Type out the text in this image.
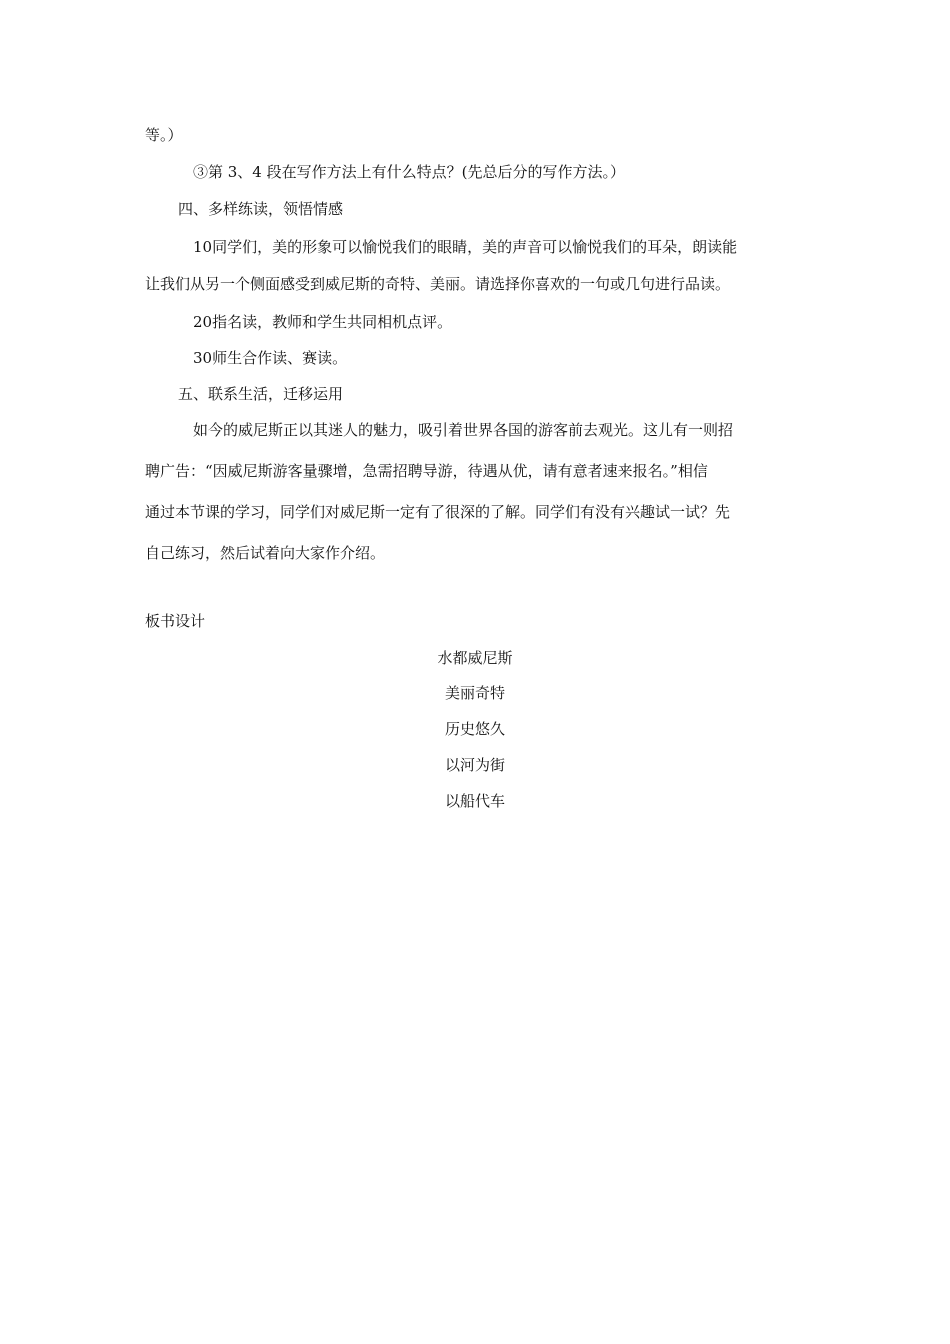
等。）
③第 3、4 段在写作方法上有什么特点？(先总后分的写作方法。）
四、多样练读，领悟情感
10同学们，美的形象可以愉悦我们的眼睛，美的声音可以愉悦我们的耳朵，朗读能
让我们从另一个侧面感受到威尼斯的奇特、美丽。请选择你喜欢的一句或几句进行品读。
20指名读，教师和学生共同相机点评。
30师生合作读、赛读。
五、联系生活，迁移运用
如今的威尼斯正以其迷人的魅力，吸引着世界各国的游客前去观光。这儿有一则招
聘广告：“因威尼斯游客量骤增，急需招聘导游，待遇从优，请有意者速来报名。”相信
通过本节课的学习，同学们对威尼斯一定有了很深的了解。同学们有没有兴趣试一试？先
自己练习，然后试着向大家作介绍。
板书设计
水都威尼斯
美丽奇特
历史悠久
以河为街
以船代车
